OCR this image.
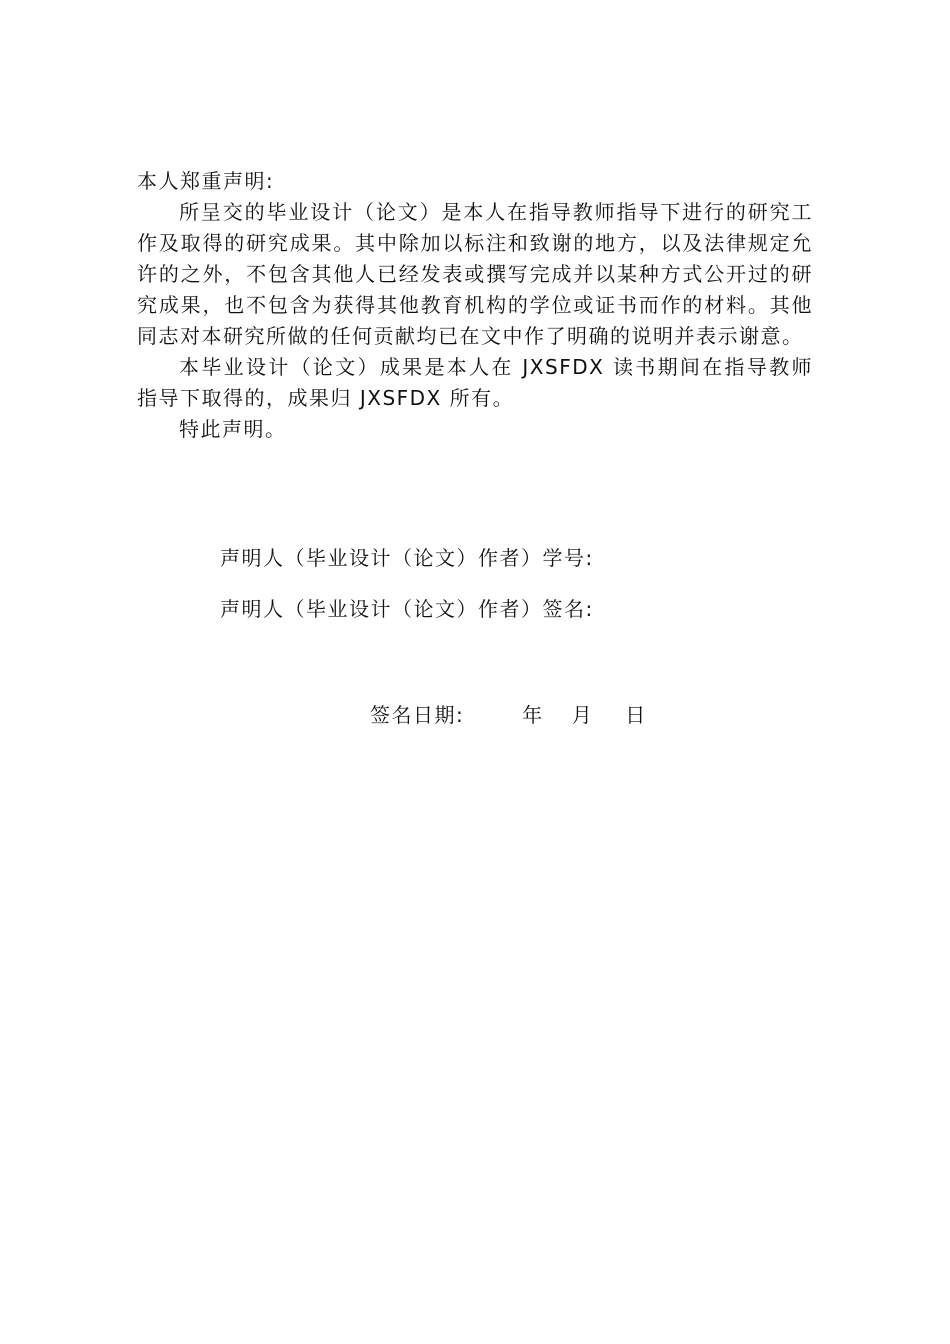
本人郑重声明:

所呈交的毕业设计（论文）是本人在指导教师指导下进行的研究工作及取得的研究成果。其中除加以标注和致谢的地方，以及法律规定允许的之外，不包含其他人已经发表或撰写完成并以某种方式公开过的研究成果，也不包含为获得其他教育机构的学位或证书而作的材料。其他同志对本研究所做的任何贡献均已在文中作了明确的说明并表示谢意。

本毕业设计（论文）成果是本人在 JXSFDX 读书期间在指导教师指导下取得的，成果归 JXSFDX 所有。

特此声明。

声明人（毕业设计（论文）作者）学号:
声明人（毕业设计（论文）作者）签名:
签名日期:	年 月 日
